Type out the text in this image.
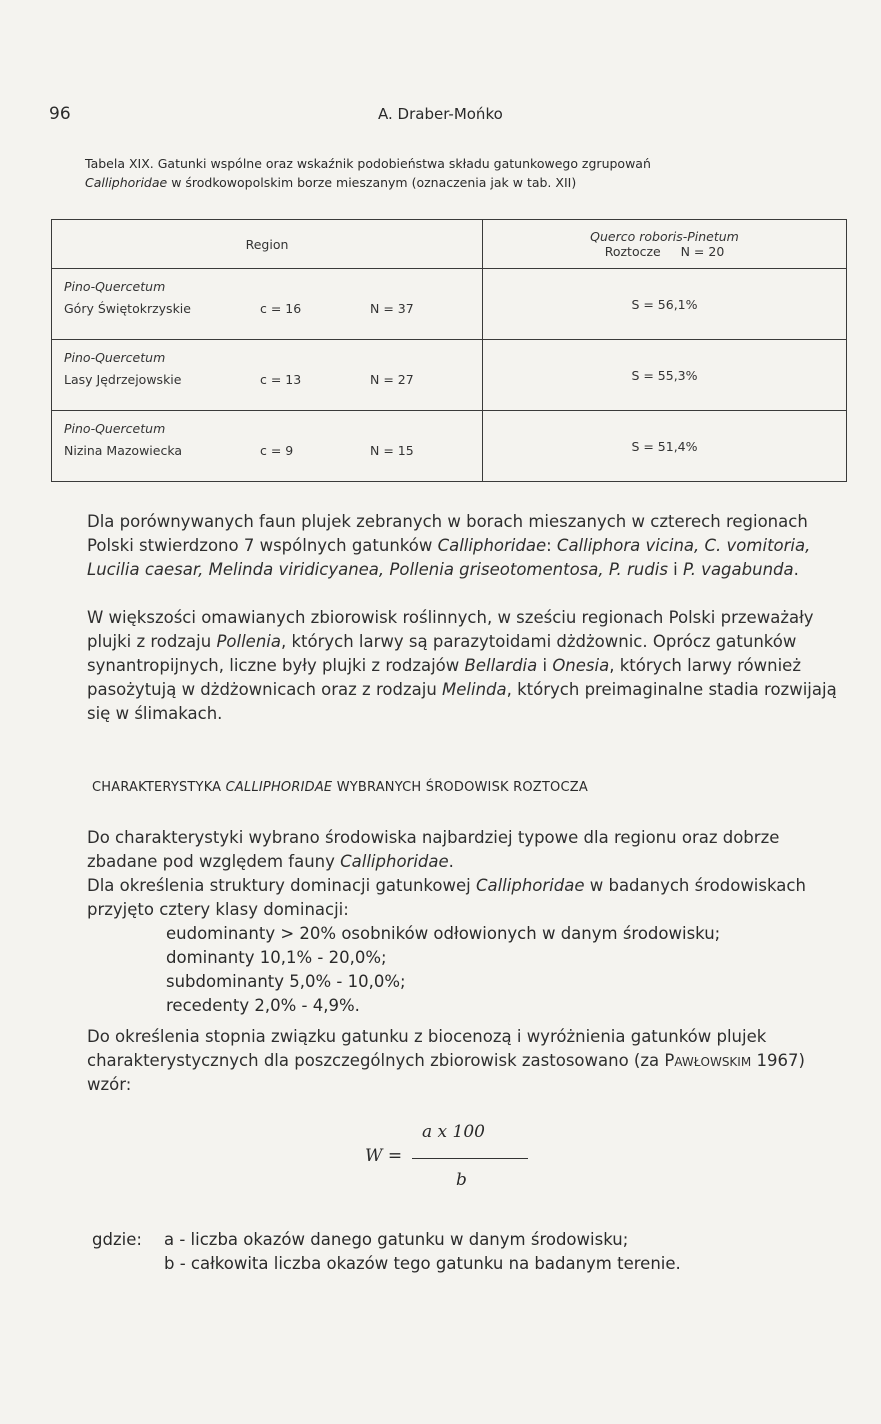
96	A. Draber-Mońko
Tabela XIX. Gatunki wspólne oraz wskaźnik podobieństwa składu gatunkowego zgrupowań
Calliphoridae w środkowopolskim borze mieszanym (oznaczenia jak w tab. XII)
Region	Querco roboris-Pinetum
Roztocze     N = 20

Pino-Quercetum
Góry Świętokrzyskie c = 16 N = 37	S = 56,1%

Pino-Quercetum
Lasy Jędrzejowskie c = 13 N = 27	S = 55,3%

Pino-Quercetum
Nizina Mazowiecka c = 9 N = 15	S = 51,4%

Dla porównywanych faun plujek zebranych w borach mieszanych w czterech regionach Polski stwierdzono 7 wspólnych gatunków Calliphoridae: Calliphora vicina, C. vomitoria, Lucilia caesar, Melinda viridicyanea, Pollenia griseotomentosa, P. rudis i P. vagabunda.

W większości omawianych zbiorowisk roślinnych, w sześciu regionach Polski przeważały plujki z rodzaju Pollenia, których larwy są parazytoidami dżdżownic. Oprócz gatunków synantropijnych, liczne były plujki z rodzajów Bellardia i Onesia, których larwy również pasożytują w dżdżownicach oraz z rodzaju Melinda, których preimaginalne stadia rozwijają się w ślimakach.

CHARAKTERYSTYKA CALLIPHORIDAE WYBRANYCH ŚRODOWISK ROZTOCZA

Do charakterystyki wybrano środowiska najbardziej typowe dla regionu oraz dobrze zbadane pod względem fauny Calliphoridae.

Dla określenia struktury dominacji gatunkowej Calliphoridae w badanych środowiskach przyjęto cztery klasy dominacji:

eudominanty > 20% osobników odłowionych w danym środowisku;
dominanty 10,1% - 20,0%;
subdominanty 5,0% - 10,0%;
recedenty 2,0% - 4,9%.

Do określenia stopnia związku gatunku z biocenozą i wyróżnienia gatunków plujek charakterystycznych dla poszczególnych zbiorowisk zastosowano (za Pawłowskim 1967) wzór:

a x 100
W =
b
gdzie: a - liczba okazów danego gatunku w danym środowisku;
b - całkowita liczba okazów tego gatunku na badanym terenie.
